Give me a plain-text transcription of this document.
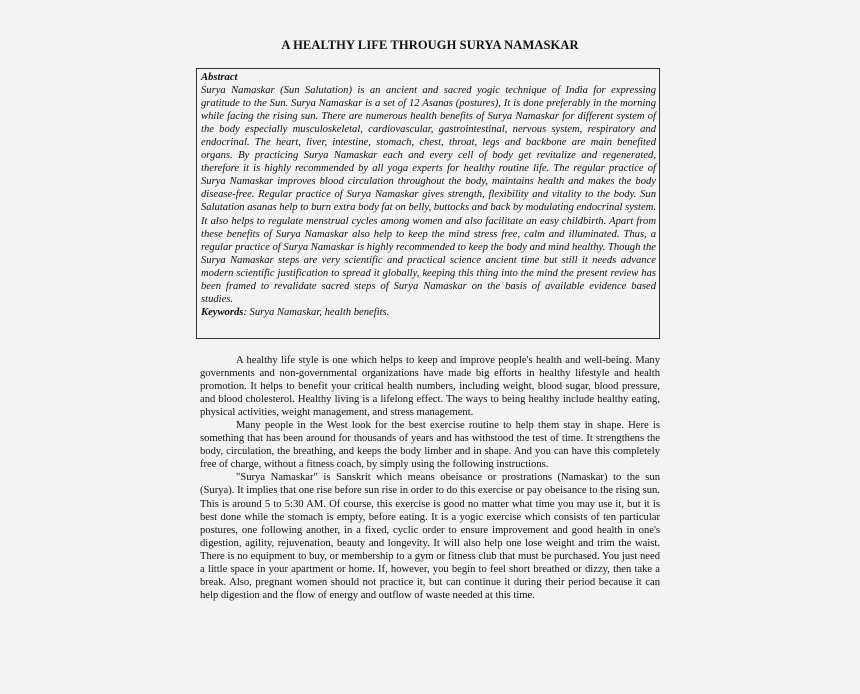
A HEALTHY LIFE THROUGH SURYA NAMASKAR
Abstract
Surya Namaskar (Sun Salutation) is an ancient and sacred yogic technique of India for expressing gratitude to the Sun. Surya Namaskar is a set of 12 Asanas (postures), It is done preferably in the morning while facing the rising sun. There are numerous health benefits of Surya Namaskar for different system of the body especially musculoskeletal, cardiovascular, gastrointestinal, nervous system, respiratory and endocrinal. The heart, liver, intestine, stomach, chest, throat, legs and backbone are main benefited organs. By practicing Surya Namaskar each and every cell of body get revitalize and regenerated, therefore it is highly recommended by all yoga experts for healthy routine life. The regular practice of Surya Namaskar improves blood circulation throughout the body, maintains health and makes the body disease-free. Regular practice of Surya Namaskar gives strength, flexibility and vitality to the body. Sun Salutation asanas help to burn extra body fat on belly, buttocks and back by modulating endocrinal system. It also helps to regulate menstrual cycles among women and also facilitate an easy childbirth. Apart from these benefits of Surya Namaskar also help to keep the mind stress free, calm and illuminated. Thus, a regular practice of Surya Namaskar is highly recommended to keep the body and mind healthy. Though the Surya Namaskar steps are very scientific and practical science ancient time but still it needs advance modern scientific justification to spread it globally, keeping this thing into the mind the present review has been framed to revalidate sacred steps of Surya Namaskar on the basis of available evidence based studies.
Keywords: Surya Namaskar, health benefits.

A healthy life style is one which helps to keep and improve people's health and well-being. Many governments and non-governmental organizations have made big efforts in healthy lifestyle and health promotion. It helps to benefit your critical health numbers, including weight, blood sugar, blood pressure, and blood cholesterol. Healthy living is a lifelong effect. The ways to being healthy include healthy eating, physical activities, weight management, and stress management.

Many people in the West look for the best exercise routine to help them stay in shape. Here is something that has been around for thousands of years and has withstood the test of time. It strengthens the body, circulation, the breathing, and keeps the body limber and in shape. And you can have this completely free of charge, without a fitness coach, by simply using the following instructions.

"Surya Namaskar" is Sanskrit which means obeisance or prostrations (Namaskar) to the sun (Surya). It implies that one rise before sun rise in order to do this exercise or pay obeisance to the rising sun. This is around 5 to 5:30 AM. Of course, this exercise is good no matter what time you may use it, but it is best done while the stomach is empty, before eating. It is a yogic exercise which consists of ten particular postures, one following another, in a fixed, cyclic order to ensure improvement and good health in one's digestion, agility, rejuvenation, beauty and longevity. It will also help one lose weight and trim the waist. There is no equipment to buy, or membership to a gym or fitness club that must be purchased. You just need a little space in your apartment or home. If, however, you begin to feel short breathed or dizzy, then take a break. Also, pregnant women should not practice it, but can continue it during their period because it can help digestion and the flow of energy and outflow of waste needed at this time.
